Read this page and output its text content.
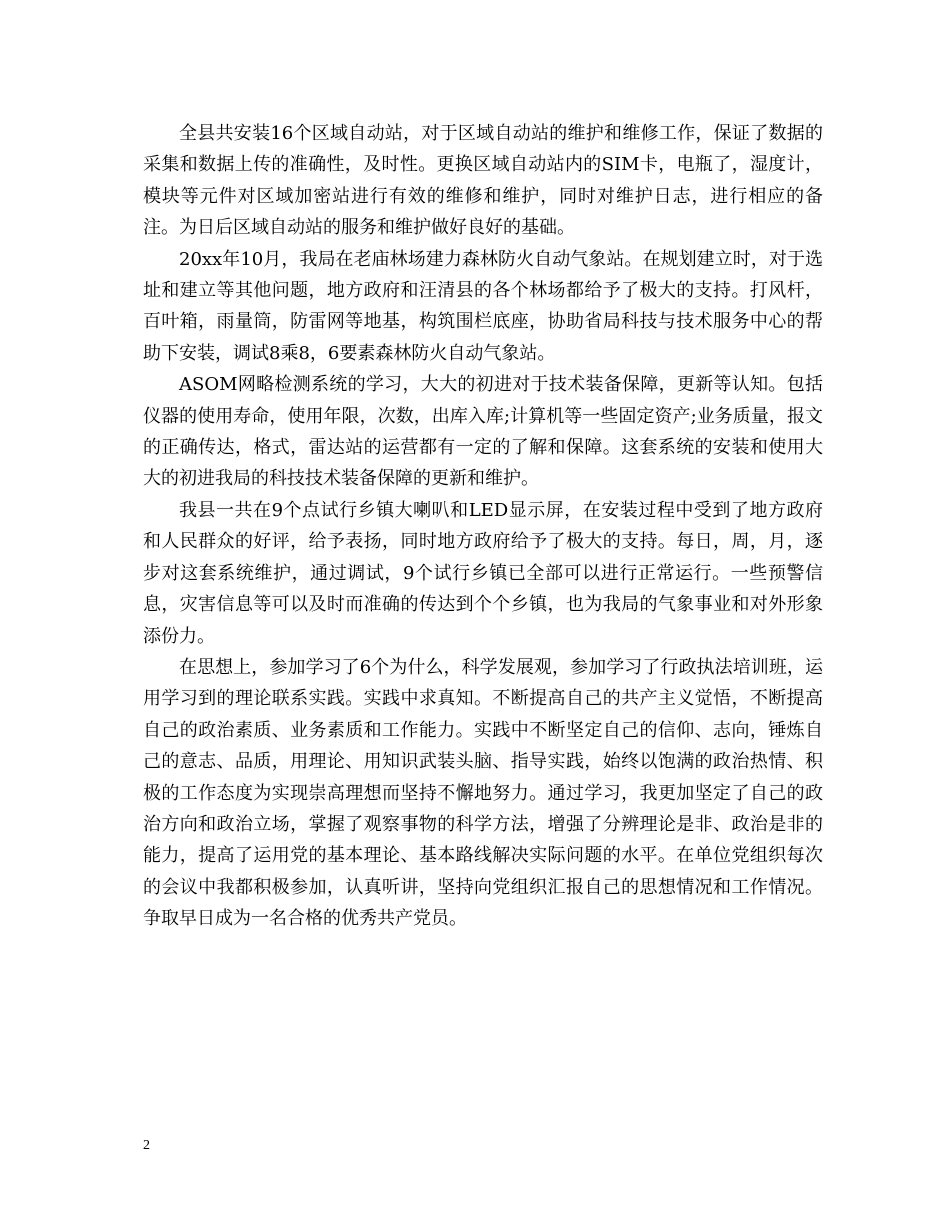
全县共安装16个区域自动站，对于区域自动站的维护和维修工作，保证了数据的采集和数据上传的准确性，及时性。更换区域自动站内的SIM卡，电瓶了，湿度计，模块等元件对区域加密站进行有效的维修和维护，同时对维护日志，进行相应的备注。为日后区域自动站的服务和维护做好良好的基础。

20xx年10月，我局在老庙林场建力森林防火自动气象站。在规划建立时，对于选址和建立等其他问题，地方政府和汪清县的各个林场都给予了极大的支持。打风杆，百叶箱，雨量筒，防雷网等地基，构筑围栏底座，协助省局科技与技术服务中心的帮助下安装，调试8乘8，6要素森林防火自动气象站。

ASOM网略检测系统的学习，大大的初进对于技术装备保障，更新等认知。包括仪器的使用寿命，使用年限，次数，出库入库;计算机等一些固定资产;业务质量，报文的正确传达，格式，雷达站的运营都有一定的了解和保障。这套系统的安装和使用大大的初进我局的科技技术装备保障的更新和维护。

我县一共在9个点试行乡镇大喇叭和LED显示屏，在安装过程中受到了地方政府和人民群众的好评，给予表扬，同时地方政府给予了极大的支持。每日，周，月，逐步对这套系统维护，通过调试，9个试行乡镇已全部可以进行正常运行。一些预警信息，灾害信息等可以及时而准确的传达到个个乡镇，也为我局的气象事业和对外形象添份力。

在思想上，参加学习了6个为什么，科学发展观，参加学习了行政执法培训班，运用学习到的理论联系实践。实践中求真知。不断提高自己的共产主义觉悟，不断提高自己的政治素质、业务素质和工作能力。实践中不断坚定自己的信仰、志向，锤炼自己的意志、品质，用理论、用知识武装头脑、指导实践，始终以饱满的政治热情、积极的工作态度为实现崇高理想而坚持不懈地努力。通过学习，我更加坚定了自己的政治方向和政治立场，掌握了观察事物的科学方法，增强了分辨理论是非、政治是非的能力，提高了运用党的基本理论、基本路线解决实际问题的水平。在单位党组织每次的会议中我都积极参加，认真听讲，坚持向党组织汇报自己的思想情况和工作情况。争取早日成为一名合格的优秀共产党员。

2
